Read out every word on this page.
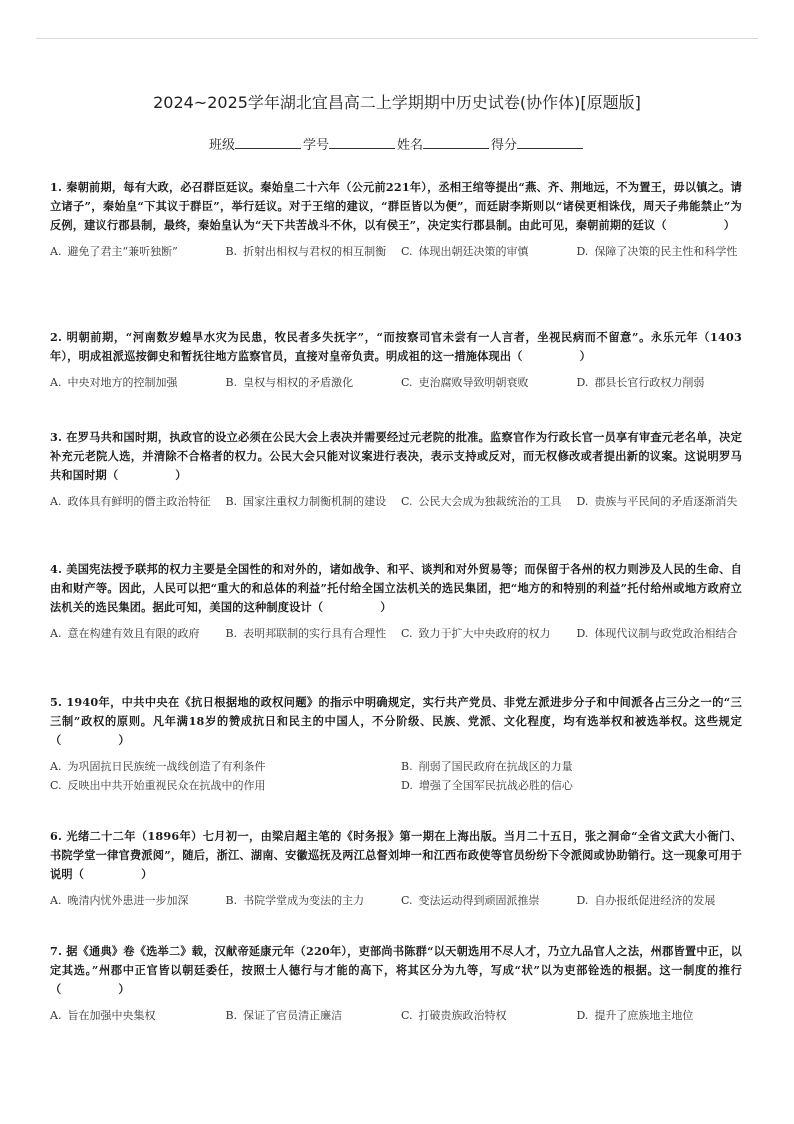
2024~2025学年湖北宜昌高二上学期期中历史试卷(协作体)[原题版]
班级	学号	姓名	得分

1. 秦朝前期，每有大政，必召群臣廷议。秦始皇二十六年（公元前221年），丞相王绾等提出“燕、齐、荆地远，不为置王，毋以镇之。请立诸子”，秦始皇“下其议于群臣”，举行廷议。对于王绾的建议，“群臣皆以为便”，而廷尉李斯则以“诸侯更相诛伐，周天子弗能禁止”为反例，建议行郡县制，最终，秦始皇认为“天下共苦战斗不休，以有侯王”，决定实行郡县制。由此可见，秦朝前期的廷议（　　　　　）

A. 避免了君主“兼听独断”	B. 折射出相权与君权的相互制衡	C. 体现出朝廷决策的审慎	D. 保障了决策的民主性和科学性

2. 明朝前期，“河南数岁蝗旱水灾为民患，牧民者多失抚字”，“而按察司官未尝有一人言者，坐视民病而不留意”。永乐元年（1403年），明成祖派巡按御史和暂抚往地方监察官员，直接对皇帝负责。明成祖的这一措施体现出（　　　　　）

A. 中央对地方的控制加强	B. 皇权与相权的矛盾激化	C. 吏治腐败导致明朝衰败	D. 郡县长官行政权力削弱

3. 在罗马共和国时期，执政官的设立必须在公民大会上表决并需要经过元老院的批准。监察官作为行政长官一员享有审查元老名单，决定补充元老院人选，并清除不合格者的权力。公民大会只能对议案进行表决，表示支持或反对，而无权修改或者提出新的议案。这说明罗马共和国时期（　　　　　）

A. 政体具有鲜明的僭主政治特征	B. 国家注重权力制衡机制的建设	C. 公民大会成为独裁统治的工具	D. 贵族与平民间的矛盾逐渐消失

4. 美国宪法授予联邦的权力主要是全国性的和对外的，诸如战争、和平、谈判和对外贸易等；而保留于各州的权力则涉及人民的生命、自由和财产等。因此，人民可以把“重大的和总体的利益”托付给全国立法机关的选民集团，把“地方的和特别的利益”托付给州或地方政府立法机关的选民集团。据此可知，美国的这种制度设计（　　　　　）

A. 意在构建有效且有限的政府	B. 表明邦联制的实行具有合理性	C. 致力于扩大中央政府的权力	D. 体现代议制与政党政治相结合

5. 1940年，中共中央在《抗日根据地的政权问题》的指示中明确规定，实行共产党员、非党左派进步分子和中间派各占三分之一的“三三制”政权的原则。凡年满18岁的赞成抗日和民主的中国人，不分阶级、民族、党派、文化程度，均有选举权和被选举权。这些规定（　　　　　）

A. 为巩固抗日民族统一战线创造了有利条件	B. 削弱了国民政府在抗战区的力量
C. 反映出中共开始重视民众在抗战中的作用	D. 增强了全国军民抗战必胜的信心

6. 光绪二十二年（1896年）七月初一，由梁启超主笔的《时务报》第一期在上海出版。当月二十五日，张之洞命“全省文武大小衙门、书院学堂一律官费派阅”，随后，浙江、湖南、安徽巡抚及两江总督刘坤一和江西布政使等官员纷纷下令派阅或协助销行。这一现象可用于说明（　　　　　）

A. 晚清内忧外患进一步加深	B. 书院学堂成为变法的主力	C. 变法运动得到顽固派推崇	D. 自办报纸促进经济的发展

7. 据《通典》卷《选举二》载，汉献帝延康元年（220年），吏部尚书陈群“以天朝选用不尽人才，乃立九品官人之法，州郡皆置中正，以定其选。”州郡中正官皆以朝廷委任，按照士人德行与才能的高下，将其区分为九等，写成“状”以为吏部铨选的根据。这一制度的推行（　　　　　）

A. 旨在加强中央集权	B. 保证了官员清正廉洁	C. 打破贵族政治特权	D. 提升了庶族地主地位
